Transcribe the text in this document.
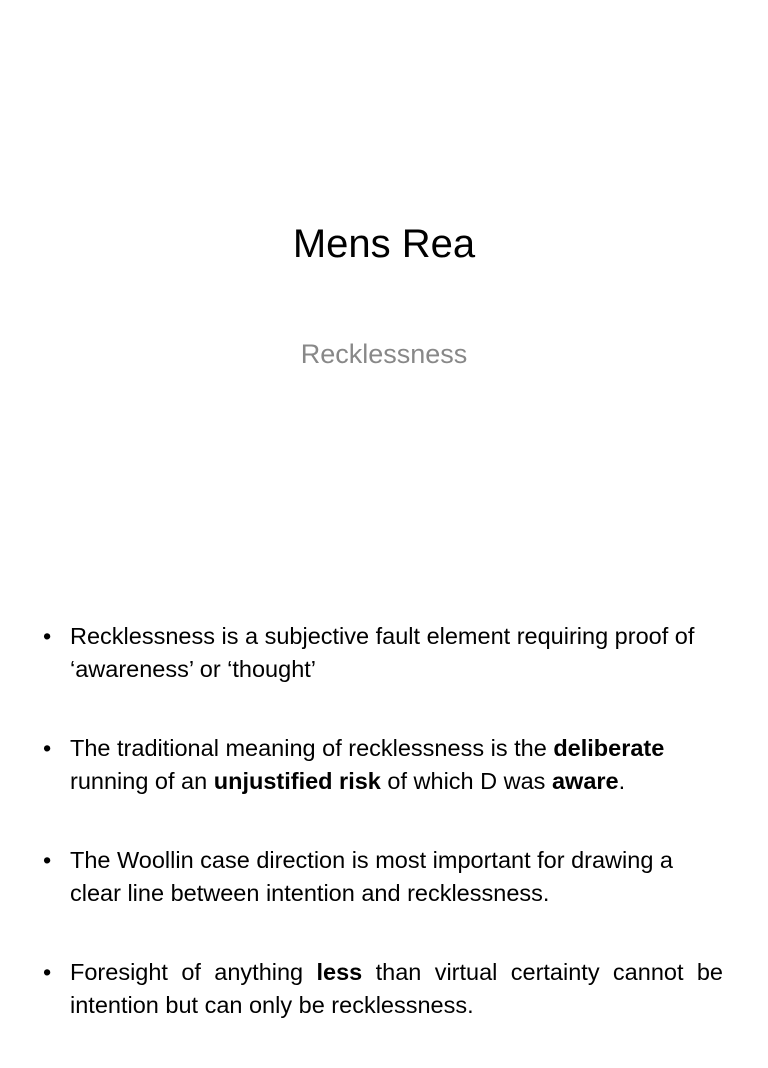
Mens Rea
Recklessness
• Recklessness is a subjective fault element requiring proof of ‘awareness’ or ‘thought’
• The traditional meaning of recklessness is the deliberate running of an unjustified risk of which D was aware.
• The Woollin case direction is most important for drawing a clear line between intention and recklessness.
• Foresight of anything less than virtual certainty cannot be intention but can only be recklessness.
